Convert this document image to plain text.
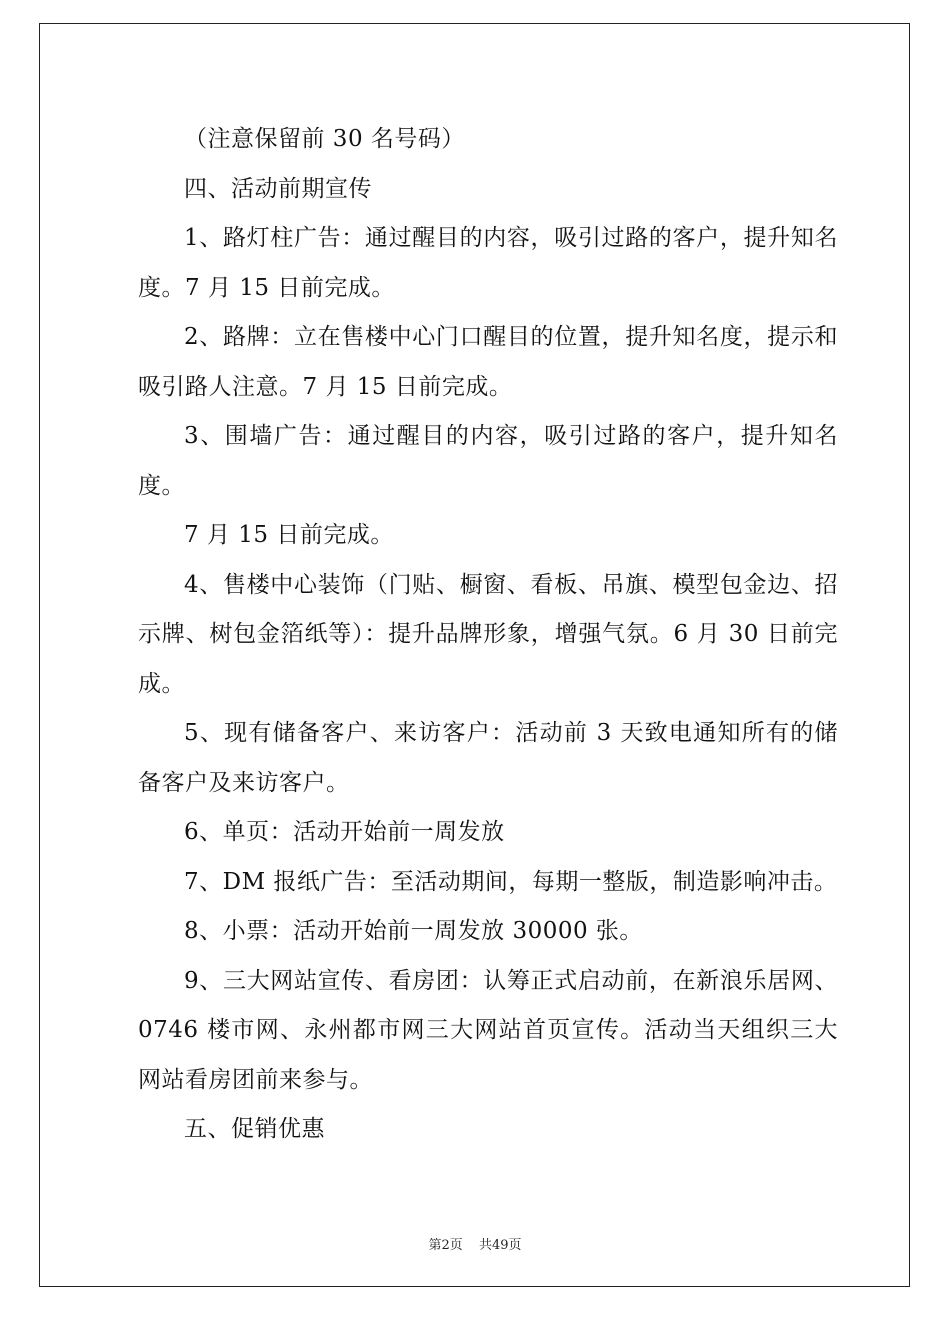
（注意保留前 30 名号码）

四、活动前期宣传

1、路灯柱广告：通过醒目的内容，吸引过路的客户，提升知名度。7 月 15 日前完成。

2、路牌：立在售楼中心门口醒目的位置，提升知名度，提示和吸引路人注意。7 月 15 日前完成。

3、围墙广告：通过醒目的内容，吸引过路的客户，提升知名度。

7 月 15 日前完成。

4、售楼中心装饰（门贴、橱窗、看板、吊旗、模型包金边、招示牌、树包金箔纸等）：提升品牌形象，增强气氛。6 月 30 日前完成。

5、现有储备客户、来访客户：活动前 3 天致电通知所有的储备客户及来访客户。

6、单页：活动开始前一周发放

7、DM 报纸广告：至活动期间，每期一整版，制造影响冲击。

8、小票：活动开始前一周发放 30000 张。

9、三大网站宣传、看房团：认筹正式启动前，在新浪乐居网、0746 楼市网、永州都市网三大网站首页宣传。活动当天组织三大网站看房团前来参与。

五、促销优惠

第2页 共49页
